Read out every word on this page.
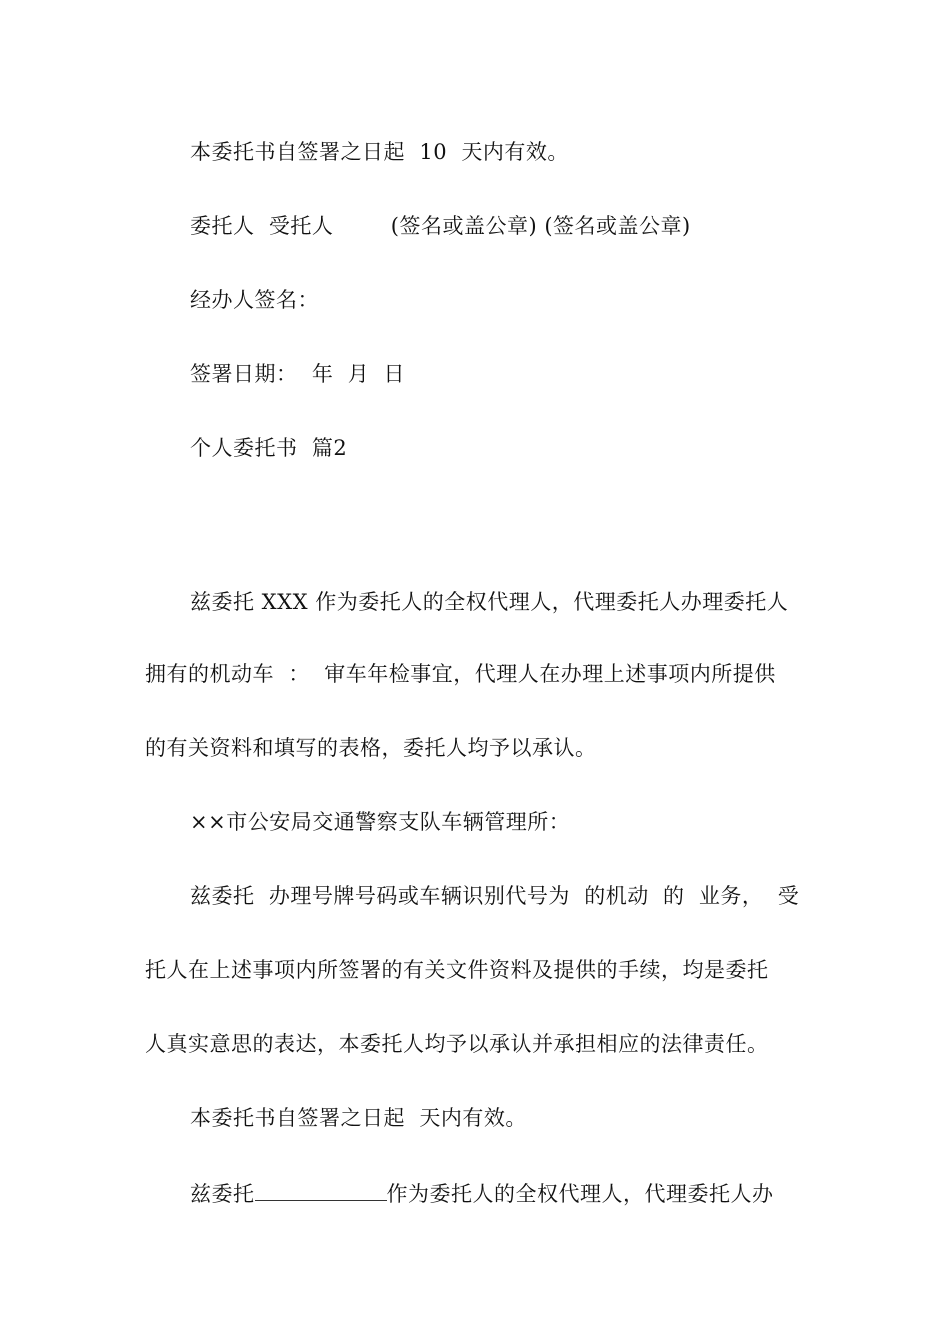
本委托书自签署之日起  10  天内有效。
委托人  受托人        (签名或盖公章) (签名或盖公章)
经办人签名：
签署日期：  年  月  日
个人委托书  篇2
兹委托 XXX 作为委托人的全权代理人，代理委托人办理委托人
拥有的机动车  ：  审车年检事宜，代理人在办理上述事项内所提供
的有关资料和填写的表格，委托人均予以承认。
××市公安局交通警察支队车辆管理所：
兹委托  办理号牌号码或车辆识别代号为  的机动  的  业务，  受
托人在上述事项内所签署的有关文件资料及提供的手续，均是委托
人真实意思的表达，本委托人均予以承认并承担相应的法律责任。
本委托书自签署之日起  天内有效。
兹委托	作为委托人的全权代理人，代理委托人办
